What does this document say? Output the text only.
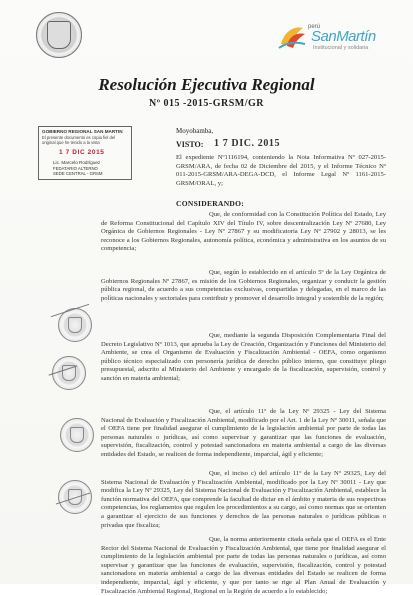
perú
SanMartín
Institucional y solidaria
Resolución Ejecutiva Regional
Nº 015 -2015-GRSM/GR
GOBIERNO REGIONAL SAN MARTIN
El presente documento es copia fiel del original que he tenido a la vista
1 7 DIC 2015
Lic. Marcelo Rodríguez
FEDATARIO ALTERNO
SEDE CENTRAL - GRSM
Moyobamba,
VISTO: 1 7 DIC. 2015
El expediente Nº1116194, conteniendo la Nota Informativa Nº 027-2015-GRSM/ARA, de fecha 02 de Diciembre del 2015, y el Informe Técnico Nº 011-2015-GRSM/ARA-DEGA-DCD, el Informe Legal Nº 1161-2015-GRSM/ORAL, y;
CONSIDERANDO:
Que, de conformidad con la Constitución Política del Estado, Ley de Reforma Constitucional del Capítulo XIV del Título IV, sobre descentralización Ley Nº 27680, Ley Orgánica de Gobiernos Regionales - Ley Nº 27867 y su modificatoria Ley Nº 27902 y 28013, se les reconoce a los Gobiernos Regionales, autonomía política, económica y administrativa en los asuntos de su competencia;
Que, según lo establecido en el artículo 5º de la Ley Orgánica de Gobiernos Regionales Nº 27867, es misión de los Gobiernos Regionales, organizar y conducir la gestión pública regional, de acuerdo a sus competencias exclusivas, compartidas y delegadas, en el marco de las políticas nacionales y sectoriales para contribuir y promover el desarrollo integral y sostenible de la región;
Que, mediante la segunda Disposición Complementaria Final del Decreto Legislativo Nº 1013, que aprueba la Ley de Creación, Organización y Funciones del Ministerio del Ambiente, se crea el Organismo de Evaluación y Fiscalización Ambiental - OEFA, como organismo público técnico especializado con personería jurídica de derecho público interno, que constituye pliego presupuestal, adscrito al Ministerio del Ambiente y encargado de la fiscalización, supervisión, control y sanción en materia ambiental;
Que, el artículo 11º de la Ley Nº 29325 - Ley del Sistema Nacional de Evaluación y Fiscalización Ambiental, modificado por el Art. 1 de la Ley Nº 30011, señala que el OEFA tiene por finalidad asegurar el cumplimiento de la legislación ambiental por parte de todas las personas naturales o jurídicas, así como supervisar y garantizar que las funciones de evaluación, supervisión, fiscalización, control y potestad sancionadora en materia ambiental a cargo de las diversas entidades del Estado, se realicen de forma independiente, imparcial, ágil y eficiente;
Que, el inciso c) del artículo 11º de la Ley Nº 29325, Ley del Sistema Nacional de Evaluación y Fiscalización Ambiental, modificado por la Ley Nº 30011 - Ley que modifica la Ley Nº 29325, Ley del Sistema Nacional de Evaluación y Fiscalización Ambiental, establece la función normativa del OEFA, que comprende la facultad de dictar en el ámbito y materia de sus respectivas competencias, los reglamentos que regulen los procedimientos a su cargo, así como normas que se orienten a garantizar el ejercicio de sus funciones y derechos de las personas naturales o jurídicas públicas o privadas que fiscaliza;
Que, la norma anteriormente citada señala que el OEFA es el Ente Rector del Sistema Nacional de Evaluación y Fiscalización Ambiental, que tiene por finalidad asegurar el cumplimiento de la legislación ambiental por parte de todas las personas naturales o jurídicas, así como supervisar y garantizar que las funciones de evaluación, supervisión, fiscalización, control y potestad sancionadora en materia ambiental a cargo de las diversas entidades del Estado se realicen de forma independiente, imparcial, ágil y eficiente, y que por tanto se rige al Plan Anual de Evaluación y Fiscalización Ambiental Regional, Regional en la Región de acuerdo a lo establecido;
